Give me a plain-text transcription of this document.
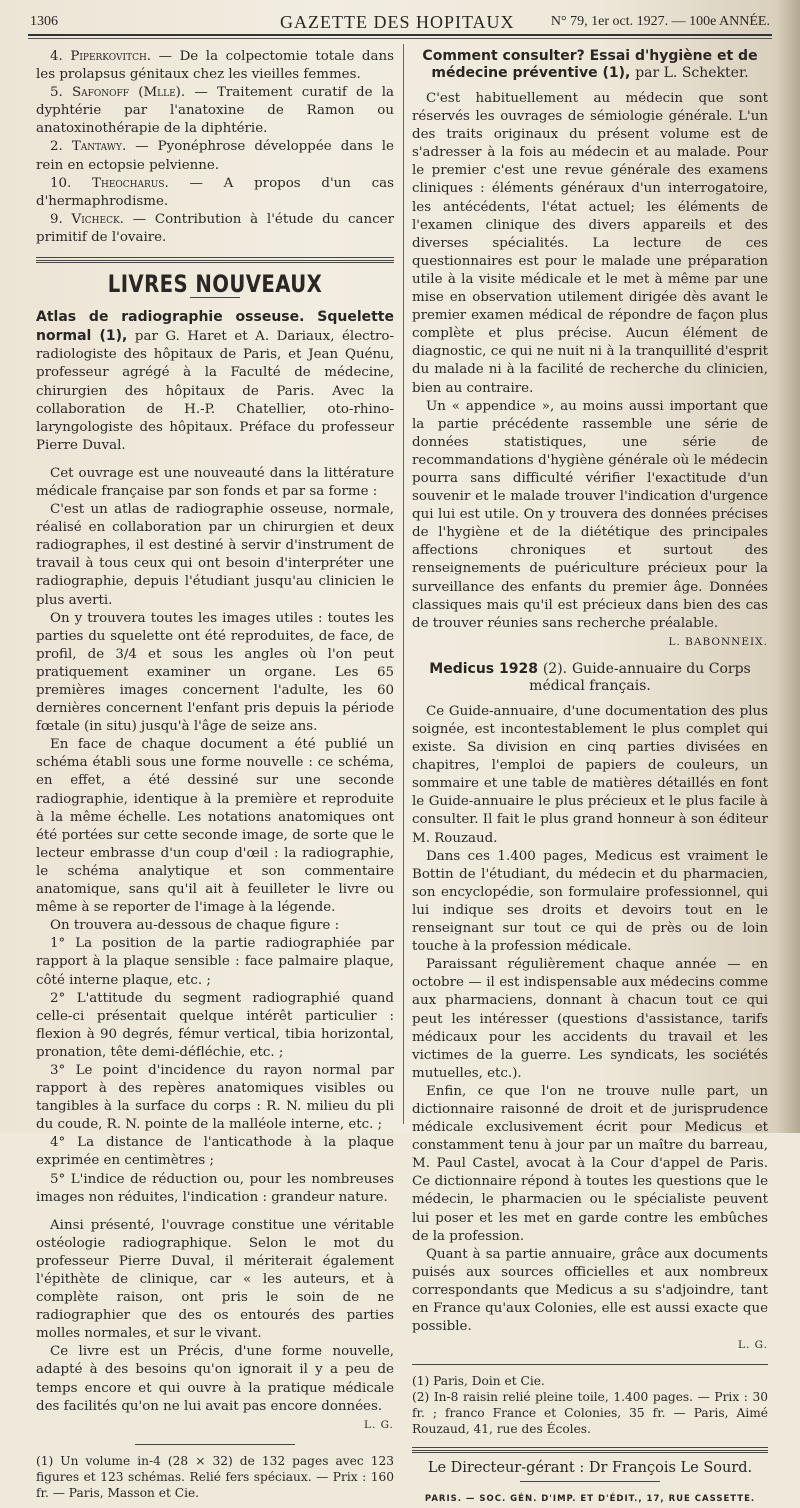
1306	GAZETTE DES HOPITAUX	N° 79, 1er oct. 1927. — 100e ANNÉE.

4. Piperkovitch. — De la colpectomie totale dans les prolapsus génitaux chez les vieilles femmes.

5. Safonoff (Mlle). — Traitement curatif de la dyphtérie par l'anatoxine de Ramon ou anatoxinothérapie de la diphtérie.

2. Tantawy. — Pyonéphrose développée dans le rein en ectopsie pelvienne.

10. Theocharus. — A propos d'un cas d'hermaphrodisme.

9. Vicheck. — Contribution à l'étude du cancer primitif de l'ovaire.

LIVRES NOUVEAUX

Atlas de radiographie osseuse. Squelette normal (1), par G. Haret et A. Dariaux, électro-radiologiste des hôpitaux de Paris, et Jean Quénu, professeur agrégé à la Faculté de médecine, chirurgien des hôpitaux de Paris. Avec la collaboration de H.-P. Chatellier, oto-rhino-laryngologiste des hôpitaux. Préface du professeur Pierre Duval.

Cet ouvrage est une nouveauté dans la littérature médicale française par son fonds et par sa forme :

C'est un atlas de radiographie osseuse, normale, réalisé en collaboration par un chirurgien et deux radiographes, il est destiné à servir d'instrument de travail à tous ceux qui ont besoin d'interpréter une radiographie, depuis l'étudiant jusqu'au clinicien le plus averti.

On y trouvera toutes les images utiles : toutes les parties du squelette ont été reproduites, de face, de profil, de 3/4 et sous les angles où l'on peut pratiquement examiner un organe. Les 65 premières images concernent l'adulte, les 60 dernières concernent l'enfant pris depuis la période fœtale (in situ) jusqu'à l'âge de seize ans.

En face de chaque document a été publié un schéma établi sous une forme nouvelle : ce schéma, en effet, a été dessiné sur une seconde radiographie, identique à la première et reproduite à la même échelle. Les notations anatomiques ont été portées sur cette seconde image, de sorte que le lecteur embrasse d'un coup d'œil : la radiographie, le schéma analytique et son commentaire anatomique, sans qu'il ait à feuilleter le livre ou même à se reporter de l'image à la légende.

On trouvera au-dessous de chaque figure :

1° La position de la partie radiographiée par rapport à la plaque sensible : face palmaire plaque, côté interne plaque, etc. ;

2° L'attitude du segment radiographié quand celle-ci présentait quelque intérêt particulier : flexion à 90 degrés, fémur vertical, tibia horizontal, pronation, tête demi-défléchie, etc. ;

3° Le point d'incidence du rayon normal par rapport à des repères anatomiques visibles ou tangibles à la surface du corps : R. N. milieu du pli du coude, R. N. pointe de la malléole interne, etc. ;

4° La distance de l'anticathode à la plaque exprimée en centimètres ;

5° L'indice de réduction ou, pour les nombreuses images non réduites, l'indication : grandeur nature.

Ainsi présenté, l'ouvrage constitue une véritable ostéologie radiographique. Selon le mot du professeur Pierre Duval, il mériterait également l'épithète de clinique, car « les auteurs, et à complète raison, ont pris le soin de ne radiographier que des os entourés des parties molles normales, et sur le vivant.

Ce livre est un Précis, d'une forme nouvelle, adapté à des besoins qu'on ignorait il y a peu de temps encore et qui ouvre à la pratique médicale des facilités qu'on ne lui avait pas encore données.

L. G.

(1) Un volume in-4 (28 × 32) de 132 pages avec 123 figures et 123 schémas. Relié fers spéciaux. — Prix : 160 fr. — Paris, Masson et Cie.

Comment consulter? Essai d'hygiène et de médecine préventive (1), par L. Schekter.

C'est habituellement au médecin que sont réservés les ouvrages de sémiologie générale. L'un des traits originaux du présent volume est de s'adresser à la fois au médecin et au malade. Pour le premier c'est une revue générale des examens cliniques : éléments généraux d'un interrogatoire, les antécédents, l'état actuel; les éléments de l'examen clinique des divers appareils et des diverses spécialités. La lecture de ces questionnaires est pour le malade une préparation utile à la visite médicale et le met à même par une mise en observation utilement dirigée dès avant le premier examen médical de répondre de façon plus complète et plus précise. Aucun élément de diagnostic, ce qui ne nuit ni à la tranquillité d'esprit du malade ni à la facilité de recherche du clinicien, bien au contraire.

Un « appendice », au moins aussi important que la partie précédente rassemble une série de données statistiques, une série de recommandations d'hygiène générale où le médecin pourra sans difficulté vérifier l'exactitude d'un souvenir et le malade trouver l'indication d'urgence qui lui est utile. On y trouvera des données précises de l'hygiène et de la diététique des principales affections chroniques et surtout des renseignements de puériculture précieux pour la surveillance des enfants du premier âge. Données classiques mais qu'il est précieux dans bien des cas de trouver réunies sans recherche préalable.

L. BABONNEIX.
Medicus 1928 (2). Guide-annuaire du Corps médical français.

Ce Guide-annuaire, d'une documentation des plus soignée, est incontestablement le plus complet qui existe. Sa division en cinq parties divisées en chapitres, l'emploi de papiers de couleurs, un sommaire et une table de matières détaillés en font le Guide-annuaire le plus précieux et le plus facile à consulter. Il fait le plus grand honneur à son éditeur M. Rouzaud.

Dans ces 1.400 pages, Medicus est vraiment le Bottin de l'étudiant, du médecin et du pharmacien, son encyclopédie, son formulaire professionnel, qui lui indique ses droits et devoirs tout en le renseignant sur tout ce qui de près ou de loin touche à la profession médicale.

Paraissant régulièrement chaque année — en octobre — il est indispensable aux médecins comme aux pharmaciens, donnant à chacun tout ce qui peut les intéresser (questions d'assistance, tarifs médicaux pour les accidents du travail et les victimes de la guerre. Les syndicats, les sociétés mutuelles, etc.).

Enfin, ce que l'on ne trouve nulle part, un dictionnaire raisonné de droit et de jurisprudence médicale exclusivement écrit pour Medicus et constamment tenu à jour par un maître du barreau, M. Paul Castel, avocat à la Cour d'appel de Paris. Ce dictionnaire répond à toutes les questions que le médecin, le pharmacien ou le spécialiste peuvent lui poser et les met en garde contre les embûches de la profession.

Quant à sa partie annuaire, grâce aux documents puisés aux sources officielles et aux nombreux correspondants que Medicus a su s'adjoindre, tant en France qu'aux Colonies, elle est aussi exacte que possible.

L. G.

(1) Paris, Doin et Cie.

(2) In-8 raisin relié pleine toile, 1.400 pages. — Prix : 30 fr. ; franco France et Colonies, 35 fr. — Paris, Aimé Rouzaud, 41, rue des Écoles.

Le Directeur-gérant : Dr François Le Sourd.
PARIS. — SOC. GÉN. D'IMP. ET D'ÉDIT., 17, RUE CASSETTE.
